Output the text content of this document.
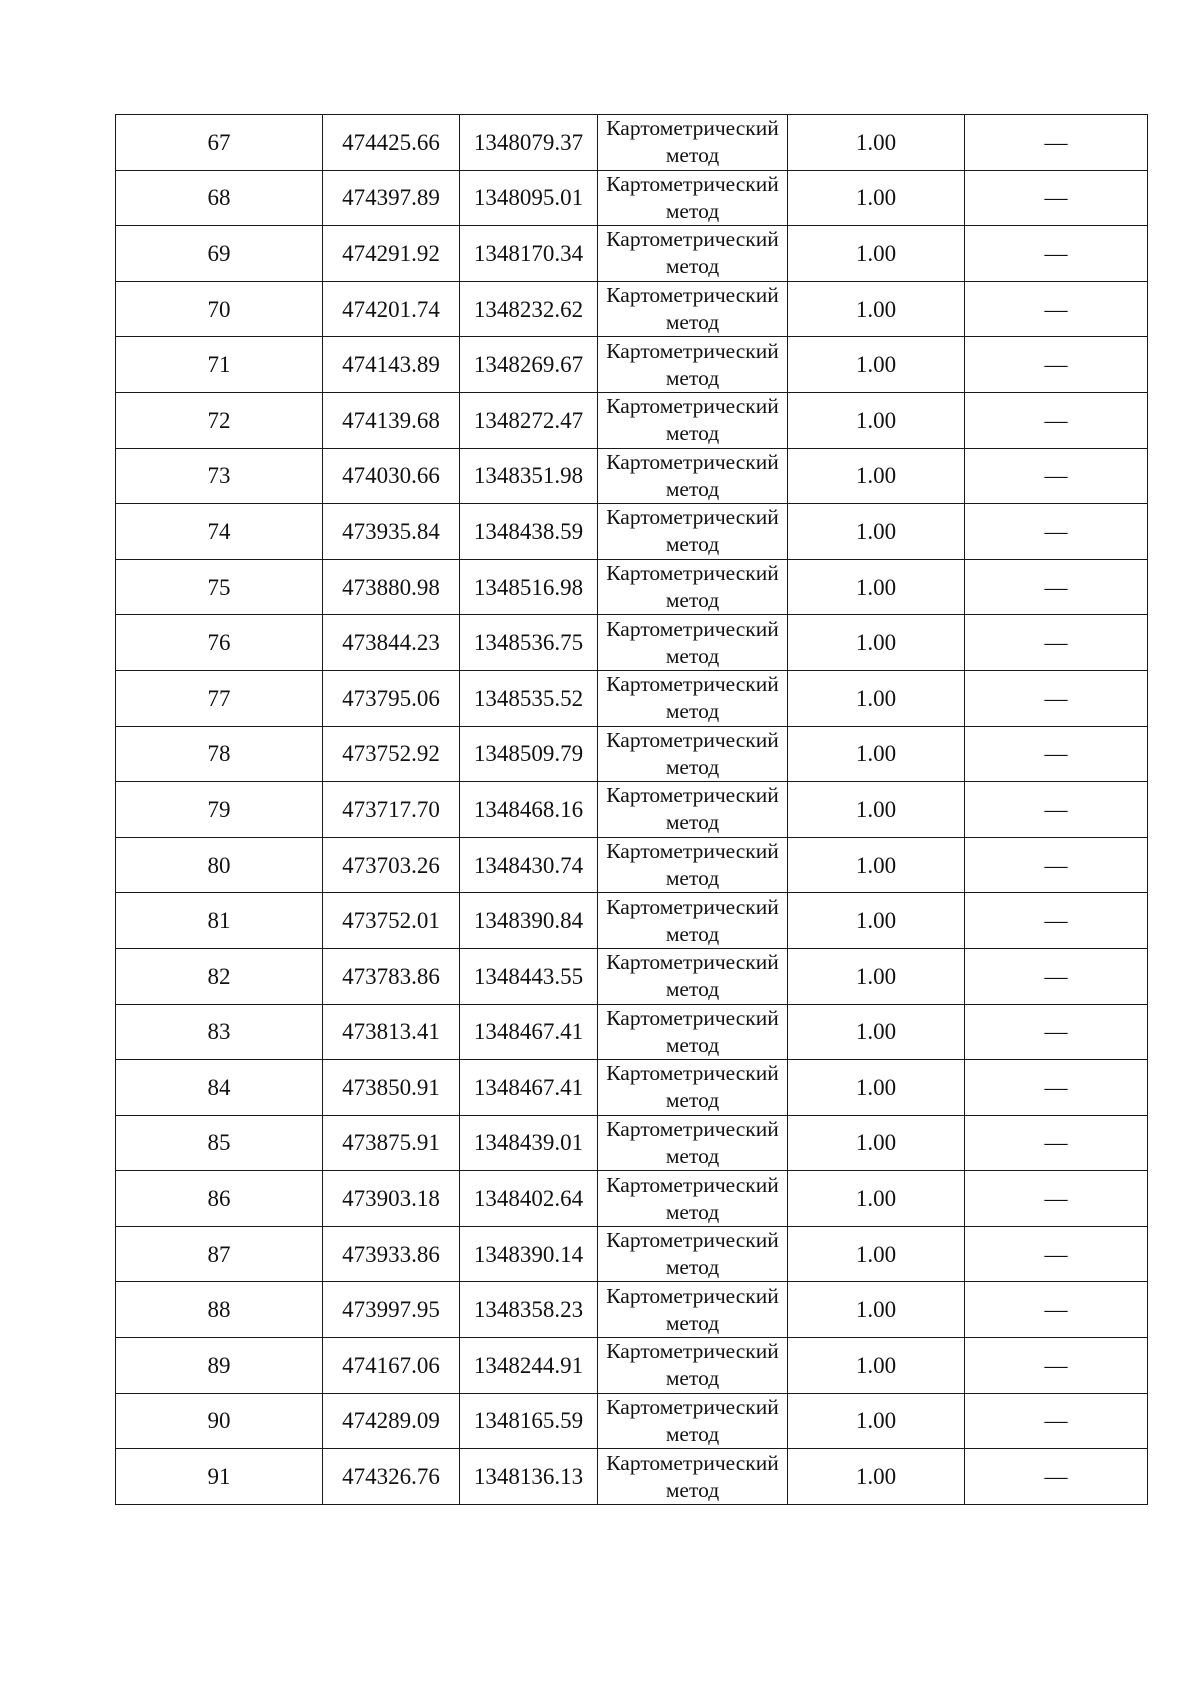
67	474425.66	1348079.37	Картометрический метод	1.00	—
68	474397.89	1348095.01	Картометрический метод	1.00	—
69	474291.92	1348170.34	Картометрический метод	1.00	—
70	474201.74	1348232.62	Картометрический метод	1.00	—
71	474143.89	1348269.67	Картометрический метод	1.00	—
72	474139.68	1348272.47	Картометрический метод	1.00	—
73	474030.66	1348351.98	Картометрический метод	1.00	—
74	473935.84	1348438.59	Картометрический метод	1.00	—
75	473880.98	1348516.98	Картометрический метод	1.00	—
76	473844.23	1348536.75	Картометрический метод	1.00	—
77	473795.06	1348535.52	Картометрический метод	1.00	—
78	473752.92	1348509.79	Картометрический метод	1.00	—
79	473717.70	1348468.16	Картометрический метод	1.00	—
80	473703.26	1348430.74	Картометрический метод	1.00	—
81	473752.01	1348390.84	Картометрический метод	1.00	—
82	473783.86	1348443.55	Картометрический метод	1.00	—
83	473813.41	1348467.41	Картометрический метод	1.00	—
84	473850.91	1348467.41	Картометрический метод	1.00	—
85	473875.91	1348439.01	Картометрический метод	1.00	—
86	473903.18	1348402.64	Картометрический метод	1.00	—
87	473933.86	1348390.14	Картометрический метод	1.00	—
88	473997.95	1348358.23	Картометрический метод	1.00	—
89	474167.06	1348244.91	Картометрический метод	1.00	—
90	474289.09	1348165.59	Картометрический метод	1.00	—
91	474326.76	1348136.13	Картометрический метод	1.00	—
